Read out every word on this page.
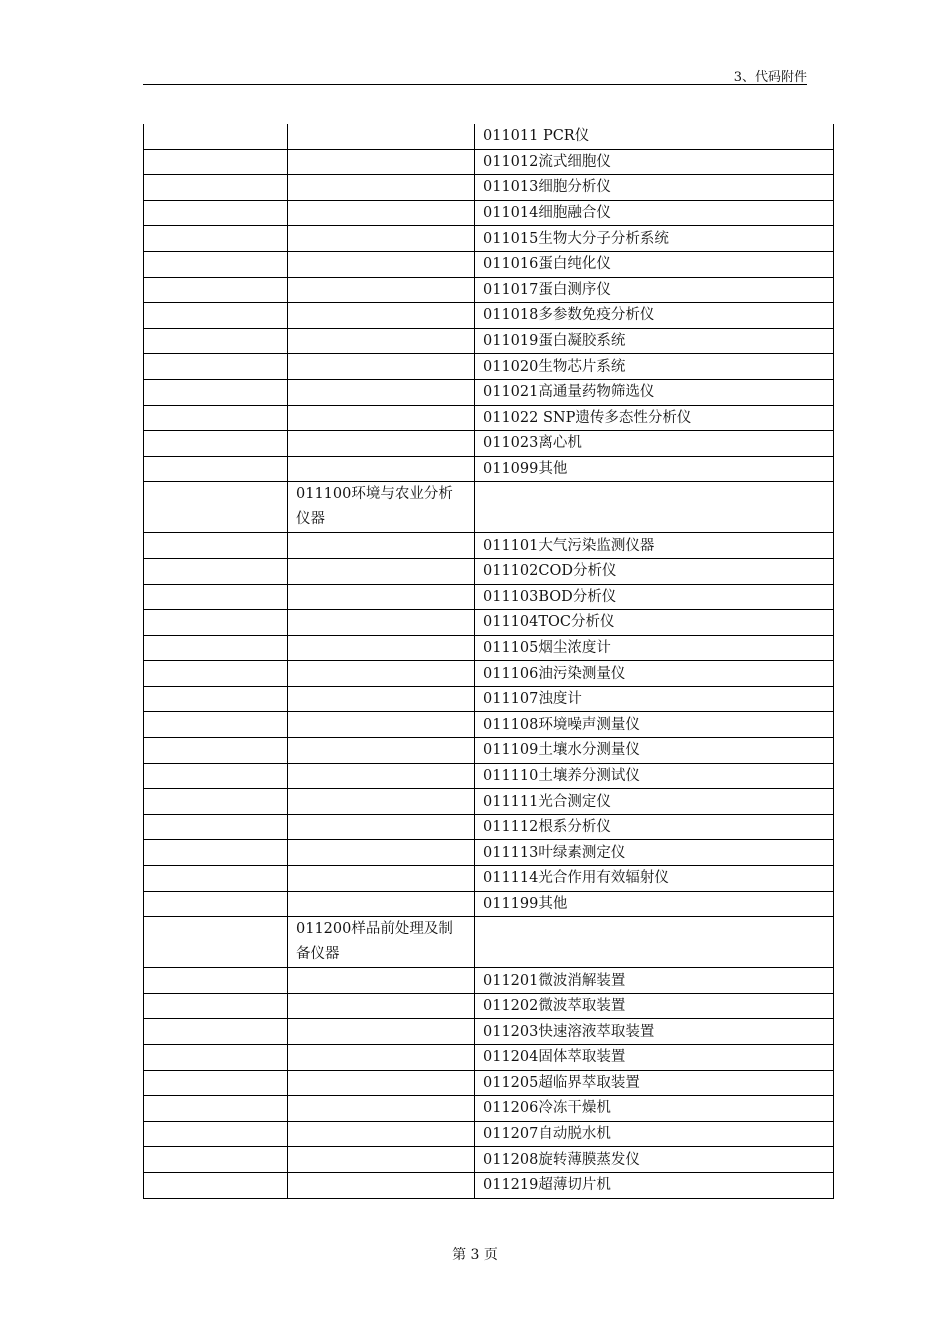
3、代码附件
		011011 PCR仪
		011012流式细胞仪
		011013细胞分析仪
		011014细胞融合仪
		011015生物大分子分析系统
		011016蛋白纯化仪
		011017蛋白测序仪
		011018多参数免疫分析仪
		011019蛋白凝胶系统
		011020生物芯片系统
		011021高通量药物筛选仪
		011022 SNP遗传多态性分析仪
		011023离心机
		011099其他
	011100环境与农业分析仪器	
		011101大气污染监测仪器
		011102COD分析仪
		011103BOD分析仪
		011104TOC分析仪
		011105烟尘浓度计
		011106油污染测量仪
		011107浊度计
		011108环境噪声测量仪
		011109土壤水分测量仪
		011110土壤养分测试仪
		011111光合测定仪
		011112根系分析仪
		011113叶绿素测定仪
		011114光合作用有效辐射仪
		011199其他
	011200样品前处理及制备仪器	
		011201微波消解装置
		011202微波萃取装置
		011203快速溶液萃取装置
		011204固体萃取装置
		011205超临界萃取装置
		011206冷冻干燥机
		011207自动脱水机
		011208旋转薄膜蒸发仪
		011219超薄切片机
第 3 页
